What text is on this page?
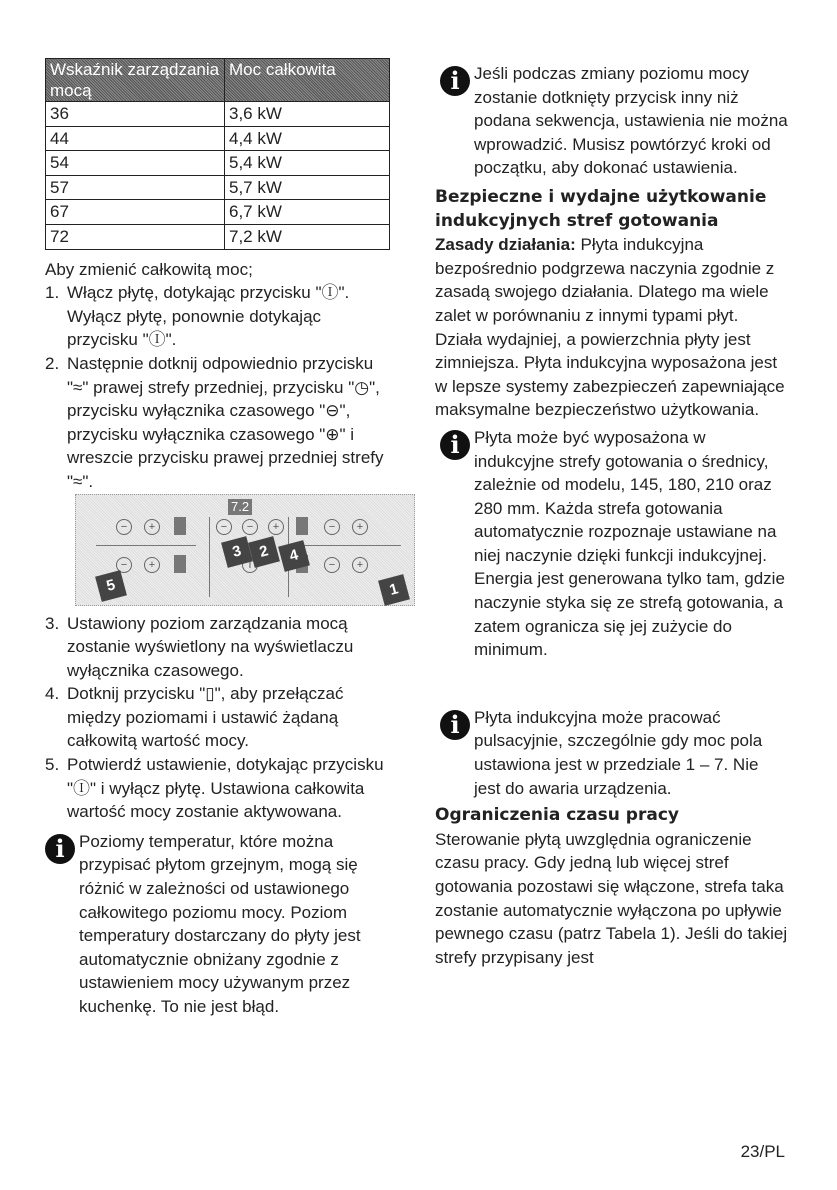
Wskaźnik zarządzania mocą	Moc całkowita
36	3,6 kW
44	4,4 kW
54	5,4 kW
57	5,7 kW
67	6,7 kW
72	7,2 kW

Aby zmienić całkowitą moc;

1. Włącz płytę, dotykając przycisku "Ⓘ". Wyłącz płytę, ponownie dotykając przycisku "Ⓘ".
2. Następnie dotknij odpowiednio przycisku "≈" prawej strefy przedniej, przycisku "◷", przycisku wyłącznika czasowego "⊖", przycisku wyłącznika czasowego "⊕" i wreszcie przycisku prawej przedniej strefy "≈".
7.2
−	+
−	+
−	−	+
i
−	+
−	+
3 2	4
5	1
3. Ustawiony poziom zarządzania mocą zostanie wyświetlony na wyświetlaczu wyłącznika czasowego.
4. Dotknij przycisku "▯", aby przełączać między poziomami i ustawić żądaną całkowitą wartość mocy.
5. Potwierdź ustawienie, dotykając przycisku "Ⓘ" i wyłącz płytę. Ustawiona całkowita wartość mocy zostanie aktywowana.
i Poziomy temperatur, które można przypisać płytom grzejnym, mogą się różnić w zależności od ustawionego całkowitego poziomu mocy. Poziom temperatury dostarczany do płyty jest automatycznie obniżany zgodnie z ustawieniem mocy używanym przez kuchenkę. To nie jest błąd.

i Jeśli podczas zmiany poziomu mocy zostanie dotknięty przycisk inny niż podana sekwencja, ustawienia nie można wprowadzić. Musisz powtórzyć kroki od początku, aby dokonać ustawienia.

Bezpieczne i wydajne użytkowanie indukcyjnych stref gotowania

Zasady działania: Płyta indukcyjna bezpośrednio podgrzewa naczynia zgodnie z zasadą swojego działania. Dlatego ma wiele zalet w porównaniu z innymi typami płyt. Działa wydajniej, a powierzchnia płyty jest zimniejsza. Płyta indukcyjna wyposażona jest w lepsze systemy zabezpieczeń zapewniające maksymalne bezpieczeństwo użytkowania.

i Płyta może być wyposażona w indukcyjne strefy gotowania o średnicy, zależnie od modelu, 145, 180, 210 oraz 280 mm. Każda strefa gotowania automatycznie rozpoznaje ustawiane na niej naczynie dzięki funkcji indukcyjnej. Energia jest generowana tylko tam, gdzie naczynie styka się ze strefą gotowania, a zatem ogranicza się jej zużycie do minimum.

i Płyta indukcyjna może pracować pulsacyjnie, szczególnie gdy moc pola ustawiona jest w przedziale 1 – 7. Nie jest do awaria urządzenia.

Ograniczenia czasu pracy

Sterowanie płytą uwzględnia ograniczenie czasu pracy. Gdy jedną lub więcej stref gotowania pozostawi się włączone, strefa taka zostanie automatycznie wyłączona po upływie pewnego czasu (patrz Tabela 1). Jeśli do takiej strefy przypisany jest

23/PL
